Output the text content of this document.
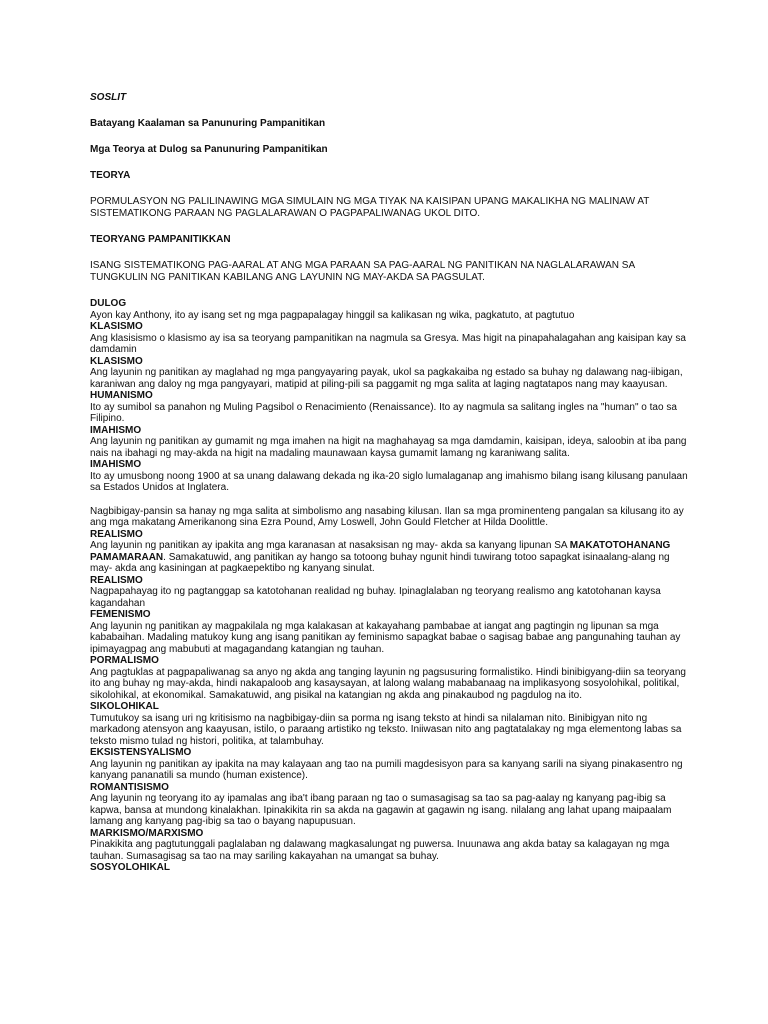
SOSLIT
Batayang Kaalaman sa Panunuring Pampanitikan
Mga Teorya at Dulog sa Panunuring Pampanitikan
TEORYA

PORMULASYON NG PALILINAWING MGA SIMULAIN NG MGA TIYAK NA KAISIPAN UPANG MAKALIKHA NG MALINAW AT SISTEMATIKONG PARAAN NG PAGLALARAWAN O PAGPAPALIWANAG UKOL DITO.

TEORYANG PAMPANITIKKAN

ISANG SISTEMATIKONG PAG-AARAL AT ANG MGA PARAAN SA PAG-AARAL NG PANITIKAN NA NAGLALARAWAN SA TUNGKULIN NG PANITIKAN KABILANG ANG LAYUNIN NG MAY-AKDA SA PAGSULAT.

DULOG

Ayon kay Anthony, ito ay isang set ng mga pagpapalagay hinggil sa kalikasan ng wika, pagkatuto, at pagtutuo

KLASISMO

Ang klasisismo o klasismo ay isa sa teoryang pampanitikan na nagmula sa Gresya. Mas higit na pinapahalagahan ang kaisipan kay sa damdamin

KLASISMO

Ang layunin ng panitikan ay maglahad ng mga pangyayaring payak, ukol sa pagkakaiba ng estado sa buhay ng dalawang nag-iibigan, karaniwan ang daloy ng mga pangyayari, matipid at piling-pili sa paggamit ng mga salita at laging nagtatapos nang may kaayusan.

HUMANISMO

Ito ay sumibol sa panahon ng Muling Pagsibol o Renacimiento (Renaissance). Ito ay nagmula sa salitang ingles na "human" o tao sa Filipino.

IMAHISMO

Ang layunin ng panitikan ay gumamit ng mga imahen na higit na maghahayag sa mga damdamin, kaisipan, ideya, saloobin at iba pang nais na ibahagi ng may-akda na higit na madaling maunawaan kaysa gumamit lamang ng karaniwang salita.

IMAHISMO

Ito ay umusbong noong 1900 at sa unang dalawang dekada ng ika-20 siglo lumalaganap ang imahismo bilang isang kilusang panulaan sa Estados Unidos at Inglatera.

Nagbibigay-pansin sa hanay ng mga salita at simbolismo ang nasabing kilusan. Ilan sa mga prominenteng pangalan sa kilusang ito ay ang mga makatang Amerikanong sina Ezra Pound, Amy Loswell, John Gould Fletcher at Hilda Doolittle.

REALISMO

Ang layunin ng panitikan ay ipakita ang mga karanasan at nasaksisan ng may- akda sa kanyang lipunan SA MAKATOTOHANANG PAMAMARAAN. Samakatuwid, ang panitikan ay hango sa totoong buhay ngunit hindi tuwirang totoo sapagkat isinaalang-alang ng may- akda ang kasiningan at pagkaepektibo ng kanyang sinulat.

REALISMO

Nagpapahayag ito ng pagtanggap sa katotohanan realidad ng buhay. Ipinaglalaban ng teoryang realismo ang katotohanan kaysa kagandahan

FEMENISMO

Ang layunin ng panitikan ay magpakilala ng mga kalakasan at kakayahang pambabae at iangat ang pagtingin ng lipunan sa mga kababaihan. Madaling matukoy kung ang isang panitikan ay feminismo sapagkat babae o sagisag babae ang pangunahing tauhan ay ipimayagpag ang mabubuti at magagandang katangian ng tauhan.

PORMALISMO

Ang pagtuklas at pagpapaliwanag sa anyo ng akda ang tanging layunin ng pagsusuring formalistiko. Hindi binibigyang-diin sa teoryang ito ang buhay ng may-akda, hindi nakapaloob ang kasaysayan, at lalong walang mababanaag na implikasyong sosyolohikal, politikal, sikolohikal, at ekonomikal. Samakatuwid, ang pisikal na katangian ng akda ang pinakaubod ng pagdulog na ito.

SIKOLOHIKAL

Tumutukoy sa isang uri ng kritisismo na nagbibigay-diin sa porma ng isang teksto at hindi sa nilalaman nito. Binibigyan nito ng markadong atensyon ang kaayusan, istilo, o paraang artistiko ng teksto. Iniiwasan nito ang pagtatalakay ng mga elementong labas sa teksto mismo tulad ng histori, politika, at talambuhay.

EKSISTENSYALISMO

Ang layunin ng panitikan ay ipakita na may kalayaan ang tao na pumili magdesisyon para sa kanyang sarili na siyang pinakasentro ng kanyang pananatili sa mundo (human existence).

ROMANTISISMO

Ang layunin ng teoryang ito ay ipamalas ang iba't ibang paraan ng tao o sumasagisag sa tao sa pag-aalay ng kanyang pag-ibig sa kapwa, bansa at mundong kinalakhan. Ipinakikita rin sa akda na gagawin at gagawin ng isang. nilalang ang lahat upang maipaalam lamang ang kanyang pag-ibig sa tao o bayang napupusuan.

MARKISMO/MARXISMO

Pinakikita ang pagtutunggali paglalaban ng dalawang magkasalungat ng puwersa. Inuunawa ang akda batay sa kalagayan ng mga tauhan. Sumasagisag sa tao na may sariling kakayahan na umangat sa buhay.

SOSYOLOHIKAL
